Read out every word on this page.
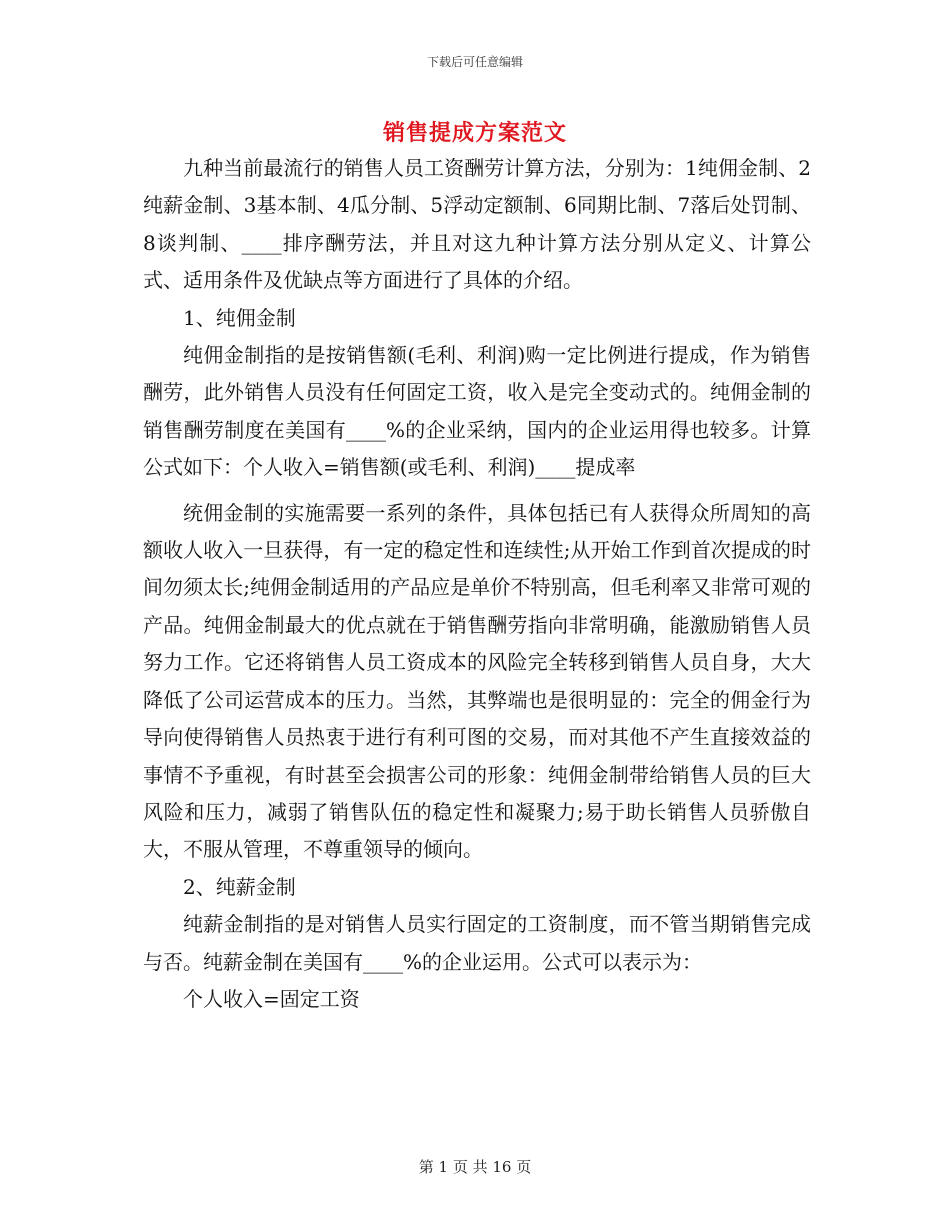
下载后可任意编辑
销售提成方案范文

九种当前最流行的销售人员工资酬劳计算方法，分别为：1纯佣金制、2纯薪金制、3基本制、4瓜分制、5浮动定额制、6同期比制、7落后处罚制、8谈判制、____排序酬劳法，并且对这九种计算方法分别从定义、计算公式、适用条件及优缺点等方面进行了具体的介绍。

1、纯佣金制

纯佣金制指的是按销售额(毛利、利润)购一定比例进行提成，作为销售酬劳，此外销售人员没有任何固定工资，收入是完全变动式的。纯佣金制的销售酬劳制度在美国有____%的企业采纳，国内的企业运用得也较多。计算公式如下：个人收入=销售额(或毛利、利润)____提成率

统佣金制的实施需要一系列的条件，具体包括已有人获得众所周知的高额收人收入一旦获得，有一定的稳定性和连续性;从开始工作到首次提成的时间勿须太长;纯佣金制适用的产品应是单价不特别高，但毛利率又非常可观的产品。纯佣金制最大的优点就在于销售酬劳指向非常明确，能激励销售人员努力工作。它还将销售人员工资成本的风险完全转移到销售人员自身，大大降低了公司运营成本的压力。当然，其弊端也是很明显的：完全的佣金行为导向使得销售人员热衷于进行有利可图的交易，而对其他不产生直接效益的事情不予重视，有时甚至会损害公司的形象：纯佣金制带给销售人员的巨大风险和压力，减弱了销售队伍的稳定性和凝聚力;易于助长销售人员骄傲自大，不服从管理，不尊重领导的倾向。

2、纯薪金制

纯薪金制指的是对销售人员实行固定的工资制度，而不管当期销售完成与否。纯薪金制在美国有____%的企业运用。公式可以表示为：

个人收入=固定工资

第 1 页 共 16 页
